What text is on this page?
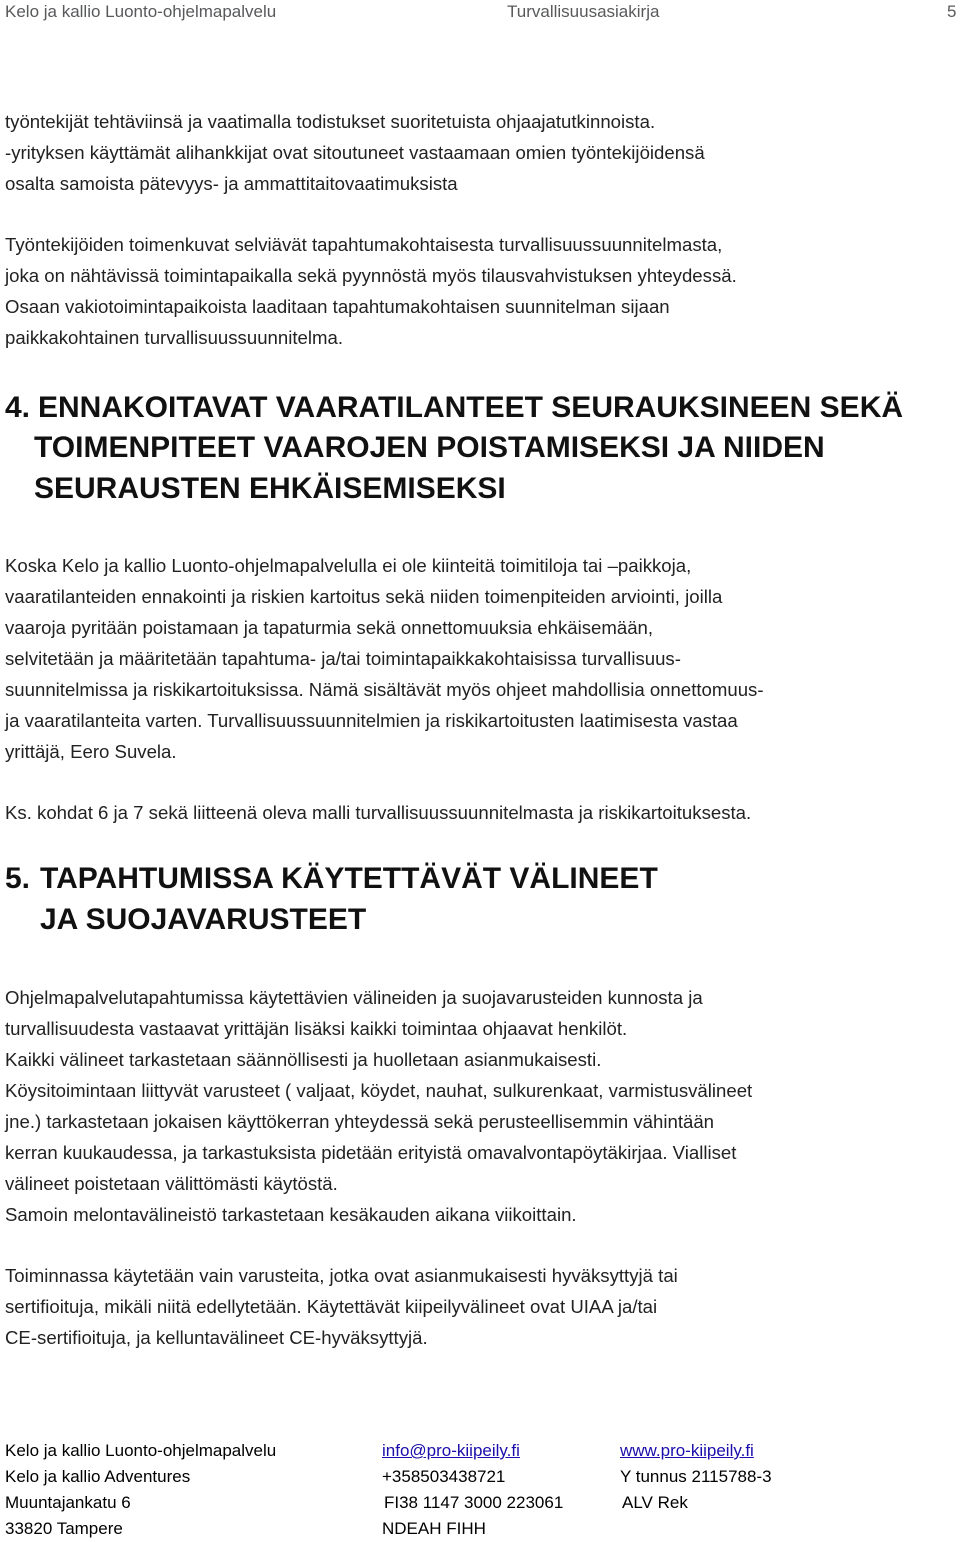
Kelo ja kallio Luonto-ohjelmapalvelu	Turvallisuusasiakirja	5
työntekijät tehtäviinsä ja vaatimalla todistukset suoritetuista ohjaajatutkinnoista.
-yrityksen käyttämät alihankkijat ovat sitoutuneet vastaamaan omien työntekijöidensä
osalta samoista pätevyys- ja ammattitaitovaatimuksista
Työntekijöiden toimenkuvat selviävät tapahtumakohtaisesta turvallisuussuunnitelmasta,
joka on nähtävissä toimintapaikalla sekä pyynnöstä myös tilausvahvistuksen yhteydessä.
Osaan vakiotoimintapaikoista laaditaan tapahtumakohtaisen suunnitelman sijaan
paikkakohtainen turvallisuussuunnitelma.
4. ENNAKOITAVAT VAARATILANTEET SEURAUKSINEEN SEKÄ
TOIMENPITEET VAAROJEN POISTAMISEKSI JA NIIDEN
SEURAUSTEN EHKÄISEMISEKSI
Koska Kelo ja kallio Luonto-ohjelmapalvelulla ei ole kiinteitä toimitiloja tai –paikkoja,
vaaratilanteiden ennakointi ja riskien kartoitus sekä niiden toimenpiteiden arviointi, joilla
vaaroja pyritään poistamaan ja tapaturmia sekä onnettomuuksia ehkäisemään,
selvitetään ja määritetään tapahtuma- ja/tai toimintapaikkakohtaisissa turvallisuus-
suunnitelmissa ja riskikartoituksissa. Nämä sisältävät myös ohjeet mahdollisia onnettomuus-
ja vaaratilanteita varten. Turvallisuussuunnitelmien ja riskikartoitusten laatimisesta vastaa
yrittäjä, Eero Suvela.
Ks. kohdat 6 ja 7 sekä liitteenä oleva malli turvallisuussuunnitelmasta ja riskikartoituksesta.
5. TAPAHTUMISSA KÄYTETTÄVÄT VÄLINEET
JA SUOJAVARUSTEET
Ohjelmapalvelutapahtumissa käytettävien välineiden ja suojavarusteiden kunnosta ja
turvallisuudesta vastaavat yrittäjän lisäksi kaikki toimintaa ohjaavat henkilöt.
Kaikki välineet tarkastetaan säännöllisesti ja huolletaan asianmukaisesti.
Köysitoimintaan liittyvät varusteet ( valjaat, köydet, nauhat, sulkurenkaat, varmistusvälineet
jne.) tarkastetaan jokaisen käyttökerran yhteydessä sekä perusteellisemmin vähintään
kerran kuukaudessa, ja tarkastuksista pidetään erityistä omavalvontapöytäkirjaa. Vialliset
välineet poistetaan välittömästi käytöstä.
Samoin melontavälineistö tarkastetaan kesäkauden aikana viikoittain.
Toiminnassa käytetään vain varusteita, jotka ovat asianmukaisesti hyväksyttyjä tai
sertifioituja, mikäli niitä edellytetään. Käytettävät kiipeilyvälineet ovat UIAA ja/tai
CE-sertifioituja, ja kelluntavälineet CE-hyväksyttyjä.
Kelo ja kallio Luonto-ohjelmapalvelu
Kelo ja kallio Adventures
Muuntajankatu 6
33820 Tampere
info@pro-kiipeily.fi
+358503438721
FI38 1147 3000 223061
NDEAH FIHH
www.pro-kiipeily.fi
Y tunnus 2115788-3
ALV Rek
